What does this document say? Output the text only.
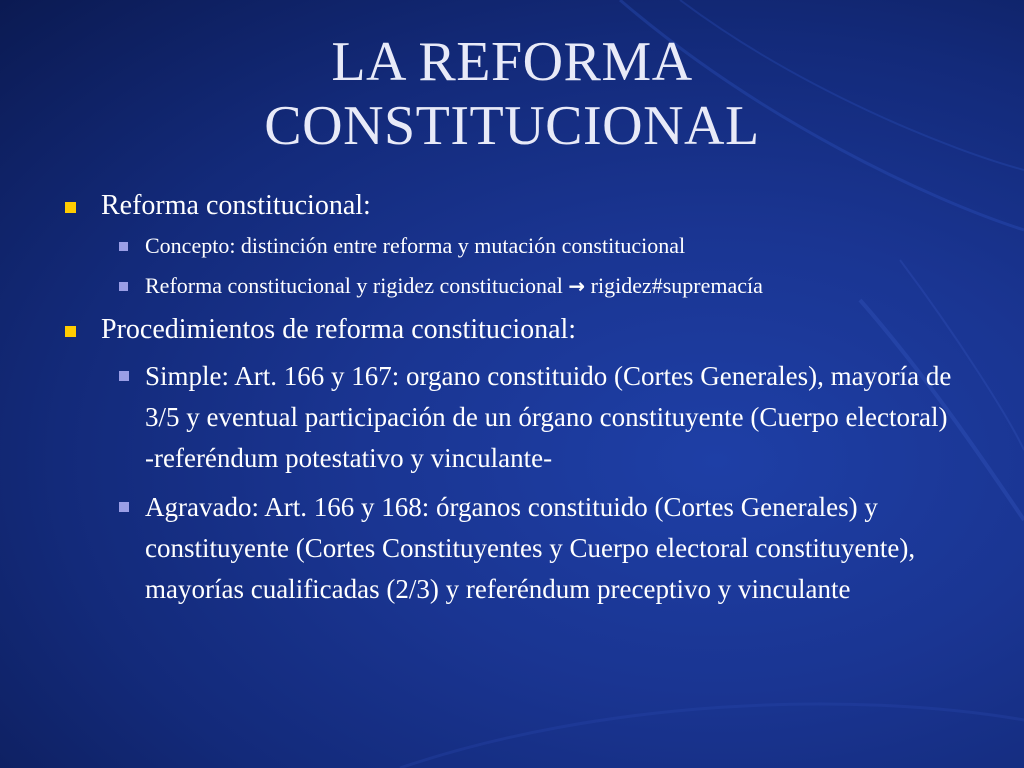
LA REFORMA
CONSTITUCIONAL
Reforma constitucional:
Concepto: distinción entre reforma y mutación constitucional
Reforma constitucional y rigidez constitucional → rigidez#supremacía
Procedimientos de reforma constitucional:
Simple: Art. 166 y 167: organo constituido (Cortes Generales), mayoría de 3/5 y eventual participación de un órgano constituyente (Cuerpo electoral) -referéndum potestativo y vinculante-
Agravado: Art. 166 y 168: órganos constituido (Cortes Generales) y constituyente (Cortes Constituyentes y Cuerpo electoral constituyente), mayorías cualificadas (2/3) y referéndum preceptivo y vinculante
